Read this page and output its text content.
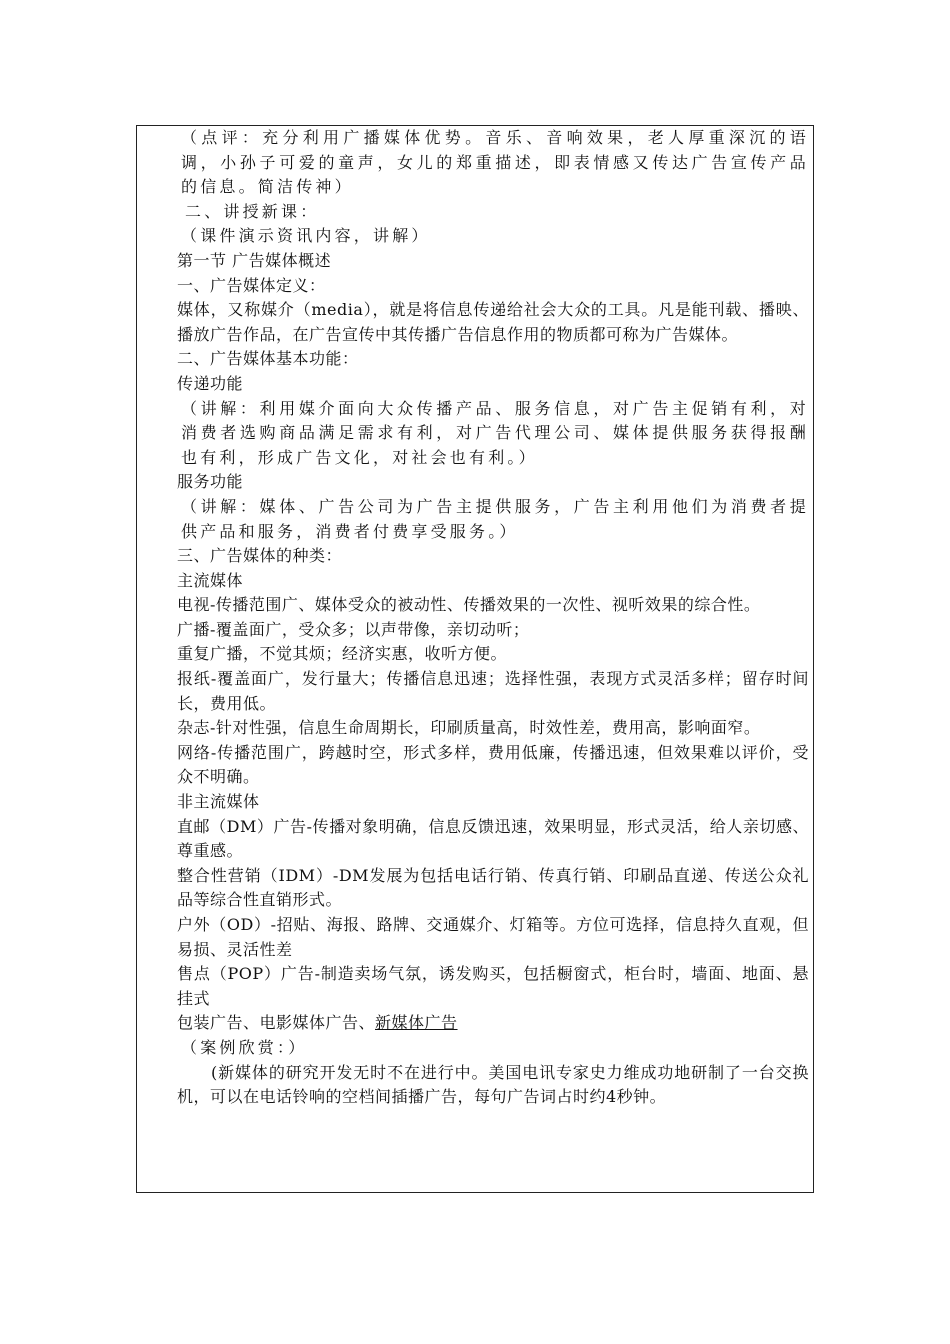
（点评：充分利用广播媒体优势。音乐、音响效果，老人厚重深沉的语调，小孙子可爱的童声，女儿的郑重描述，即表情感又传达广告宣传产品的信息。简洁传神）

二、讲授新课：

（课件演示资讯内容，讲解）

第一节 广告媒体概述

一、广告媒体定义：

媒体，又称媒介（media），就是将信息传递给社会大众的工具。凡是能刊载、播映、播放广告作品，在广告宣传中其传播广告信息作用的物质都可称为广告媒体。

二、广告媒体基本功能：

传递功能

（讲解：利用媒介面向大众传播产品、服务信息，对广告主促销有利，对消费者选购商品满足需求有利，对广告代理公司、媒体提供服务获得报酬也有利，形成广告文化，对社会也有利。）

服务功能

（讲解：媒体、广告公司为广告主提供服务，广告主利用他们为消费者提供产品和服务，消费者付费享受服务。）

三、广告媒体的种类：

主流媒体

电视-传播范围广、媒体受众的被动性、传播效果的一次性、视听效果的综合性。

广播-覆盖面广，受众多；以声带像，亲切动听；

重复广播，不觉其烦；经济实惠，收听方便。

报纸-覆盖面广，发行量大；传播信息迅速；选择性强，表现方式灵活多样；留存时间长，费用低。

杂志-针对性强，信息生命周期长，印刷质量高，时效性差，费用高，影响面窄。

网络-传播范围广，跨越时空，形式多样，费用低廉，传播迅速，但效果难以评价，受众不明确。

非主流媒体

直邮（DM）广告-传播对象明确，信息反馈迅速，效果明显，形式灵活，给人亲切感、尊重感。

整合性营销（IDM）-DM发展为包括电话行销、传真行销、印刷品直递、传送公众礼品等综合性直销形式。

户外（OD）-招贴、海报、路牌、交通媒介、灯箱等。方位可选择，信息持久直观，但易损、灵活性差

售点（POP）广告-制造卖场气氛，诱发购买，包括橱窗式，柜台时，墙面、地面、悬挂式

包装广告、电影媒体广告、新媒体广告

（案例欣赏：）

(新媒体的研究开发无时不在进行中。美国电讯专家史力维成功地研制了一台交换机，可以在电话铃响的空档间插播广告，每句广告词占时约4秒钟。
